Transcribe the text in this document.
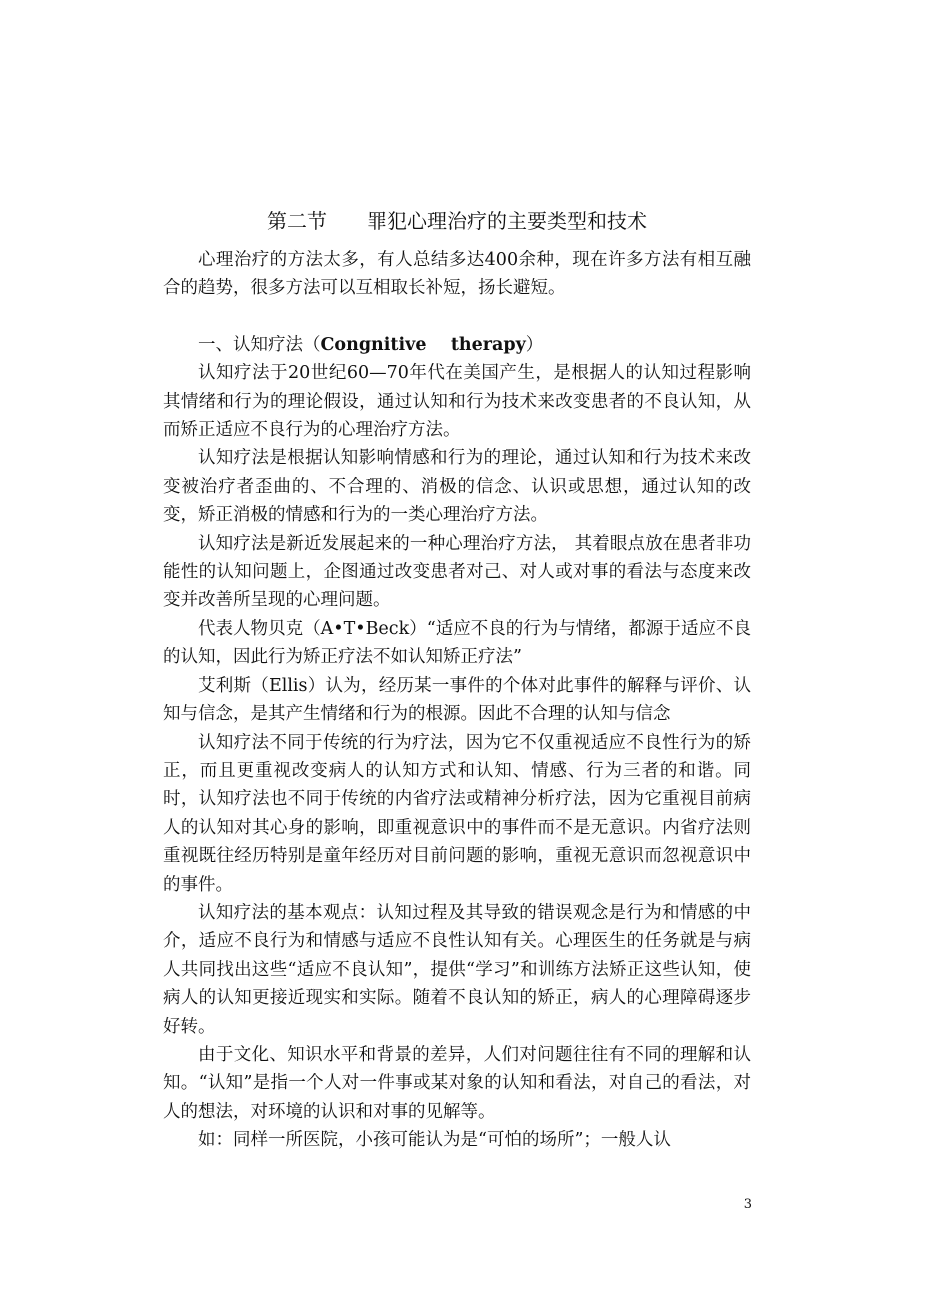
第二节　　罪犯心理治疗的主要类型和技术

心理治疗的方法太多，有人总结多达400余种，现在许多方法有相互融合的趋势，很多方法可以互相取长补短，扬长避短。

一、认知疗法（Congnitive    therapy）

认知疗法于20世纪60—70年代在美国产生，是根据人的认知过程影响其情绪和行为的理论假设，通过认知和行为技术来改变患者的不良认知，从而矫正适应不良行为的心理治疗方法。

认知疗法是根据认知影响情感和行为的理论，通过认知和行为技术来改变被治疗者歪曲的、不合理的、消极的信念、认识或思想，通过认知的改变，矫正消极的情感和行为的一类心理治疗方法。

认知疗法是新近发展起来的一种心理治疗方法， 其着眼点放在患者非功能性的认知问题上，企图通过改变患者对己、对人或对事的看法与态度来改变并改善所呈现的心理问题。

代表人物贝克（A•T•Beck）“适应不良的行为与情绪，都源于适应不良的认知，因此行为矫正疗法不如认知矫正疗法”

艾利斯（Ellis）认为，经历某一事件的个体对此事件的解释与评价、认知与信念，是其产生情绪和行为的根源。因此不合理的认知与信念

认知疗法不同于传统的行为疗法，因为它不仅重视适应不良性行为的矫正，而且更重视改变病人的认知方式和认知、情感、行为三者的和谐。同时，认知疗法也不同于传统的内省疗法或精神分析疗法，因为它重视目前病人的认知对其心身的影响，即重视意识中的事件而不是无意识。内省疗法则重视既往经历特别是童年经历对目前问题的影响，重视无意识而忽视意识中的事件。

认知疗法的基本观点：认知过程及其导致的错误观念是行为和情感的中介，适应不良行为和情感与适应不良性认知有关。心理医生的任务就是与病人共同找出这些“适应不良认知”，提供“学习”和训练方法矫正这些认知，使病人的认知更接近现实和实际。随着不良认知的矫正，病人的心理障碍逐步好转。

由于文化、知识水平和背景的差异，人们对问题往往有不同的理解和认知。“认知”是指一个人对一件事或某对象的认知和看法，对自己的看法，对人的想法，对环境的认识和对事的见解等。

如：同样一所医院，小孩可能认为是“可怕的场所”；一般人认

3
